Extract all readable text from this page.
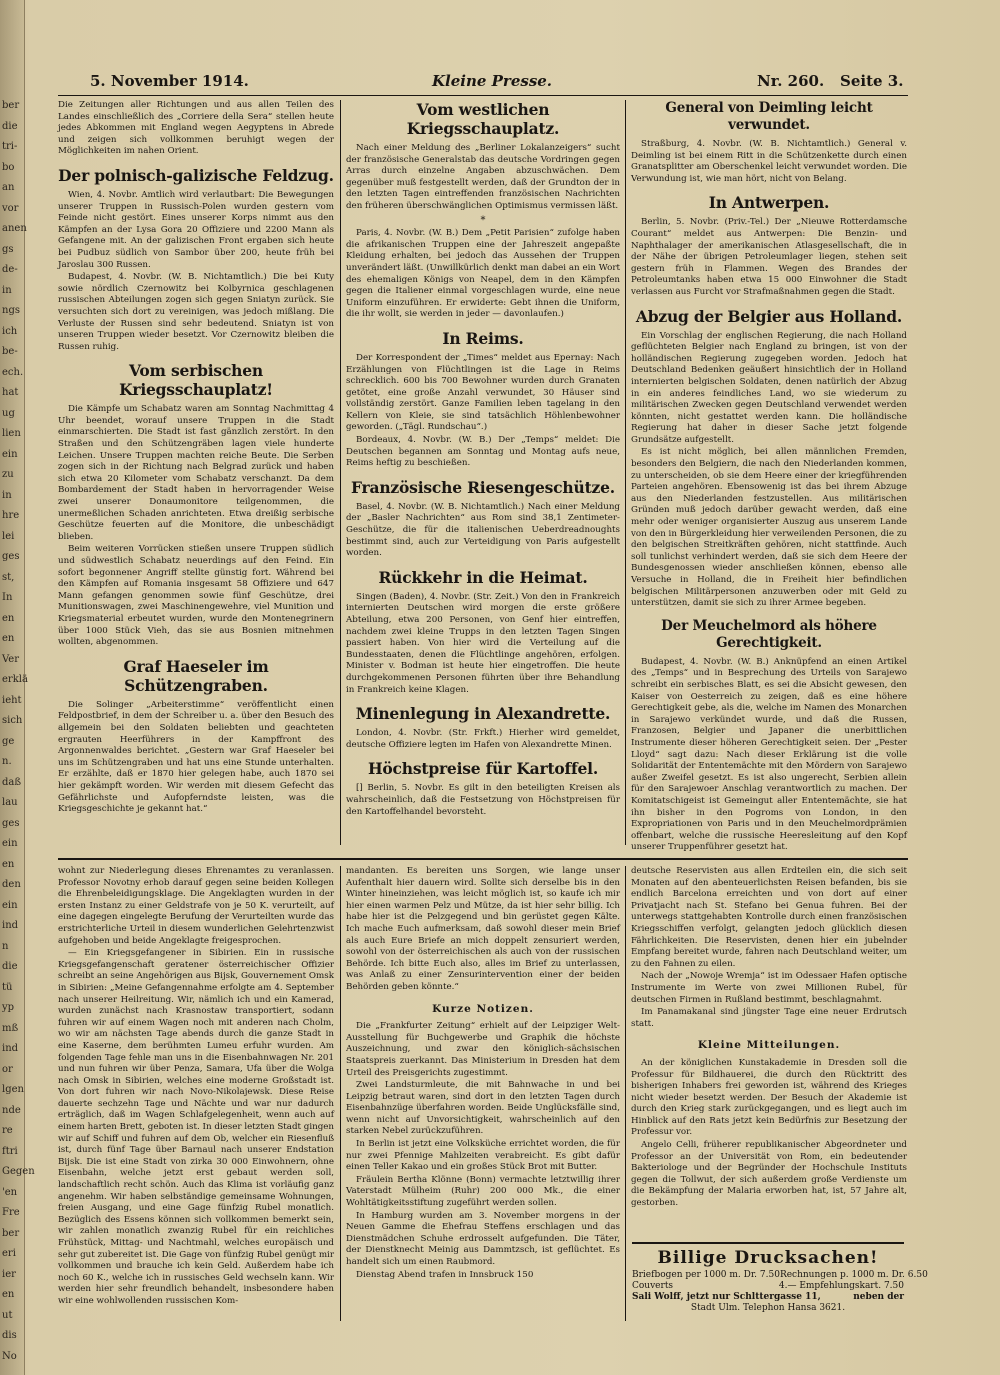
ber
die
tri-
bo
an
vor
anen
gs
de-
in
ngs
ich
be-
ech.
hat
ug
lien
ein
zu
in
hre
lei
ges
st,
In
en
en
Ver
erklä
ieht
sich
ge
n.
daß
lau
ges
ein
en
den
ein
ind
n
die
tü
yp
mß
ind
or
lgen
nde
re
ftri
Gegen
'en
Fre
ber
eri
ier
en
ut
dis
No
5. November 1914.	Kleine Presse.	Nr. 260. Seite 3.

Die Zeitungen aller Richtungen und aus allen Teilen des Landes einschließlich des „Corriere della Sera“ stellen heute jedes Abkommen mit England wegen Aegyptens in Abrede und zeigen sich vollkommen beruhigt wegen der Möglichkeiten im nahen Orient.

Der polnisch-galizische Feldzug.

Wien, 4. Novbr. Amtlich wird verlautbart: Die Bewegungen unserer Truppen in Russisch-Polen wurden gestern vom Feinde nicht gestört. Eines unserer Korps nimmt aus den Kämpfen an der Lysa Gora 20 Offiziere und 2200 Mann als Gefangene mit. An der galizischen Front ergaben sich heute bei Pudbuz südlich von Sambor über 200, heute früh bei Jaroslau 300 Russen.

Budapest, 4. Novbr. (W. B. Nichtamtlich.) Die bei Kuty sowie nördlich Czernowitz bei Kolbyrnica geschlagenen russischen Abteilungen zogen sich gegen Sniatyn zurück. Sie versuchten sich dort zu vereinigen, was jedoch mißlang. Die Verluste der Russen sind sehr bedeutend. Sniatyn ist von unseren Truppen wieder besetzt. Vor Czernowitz bleiben die Russen ruhig.

Vom serbischen Kriegsschauplatz!

Die Kämpfe um Schabatz waren am Sonntag Nachmittag 4 Uhr beendet, worauf unsere Truppen in die Stadt einmarschierten. Die Stadt ist fast gänzlich zerstört. In den Straßen und den Schützengräben lagen viele hunderte Leichen. Unsere Truppen machten reiche Beute. Die Serben zogen sich in der Richtung nach Belgrad zurück und haben sich etwa 20 Kilometer vom Schabatz verschanzt. Da dem Bombardement der Stadt haben in hervorragender Weise zwei unserer Donaumonitore teilgenommen, die unermeßlichen Schaden anrichteten. Etwa dreißig serbische Geschütze feuerten auf die Monitore, die unbeschädigt blieben.

Beim weiteren Vorrücken stießen unsere Truppen südlich und südwestlich Schabatz neuerdings auf den Feind. Ein sofort begonnener Angriff stellte günstig fort. Während bei den Kämpfen auf Romania insgesamt 58 Offiziere und 647 Mann gefangen genommen sowie fünf Geschütze, drei Munitionswagen, zwei Maschinengewehre, viel Munition und Kriegsmaterial erbeutet wurden, wurde den Montenegrinern über 1000 Stück Vieh, das sie aus Bosnien mitnehmen wollten, abgenommen.

Graf Haeseler im Schützengraben.

Die Solinger „Arbeiterstimme“ veröffentlicht einen Feldpostbrief, in dem der Schreiber u. a. über den Besuch des allgemein bei den Soldaten beliebten und geachteten ergrauten Heerführers in der Kampffront des Argonnenwaldes berichtet. „Gestern war Graf Haeseler bei uns im Schützengraben und hat uns eine Stunde unterhalten. Er erzählte, daß er 1870 hier gelegen habe, auch 1870 sei hier gekämpft worden. Wir werden mit diesem Gefecht das Gefährlichste und Aufopferndste leisten, was die Kriegsgeschichte je gekannt hat.“

Vom westlichen Kriegsschauplatz.

Nach einer Meldung des „Berliner Lokalanzeigers“ sucht der französische Generalstab das deutsche Vordringen gegen Arras durch einzelne Angaben abzuschwächen. Dem gegenüber muß festgestellt werden, daß der Grundton der in den letzten Tagen eintreffenden französischen Nachrichten den früheren überschwänglichen Optimismus vermissen läßt.

*

Paris, 4. Novbr. (W. B.) Dem „Petit Parisien“ zufolge haben die afrikanischen Truppen eine der Jahreszeit angepaßte Kleidung erhalten, bei jedoch das Aussehen der Truppen unverändert läßt. (Unwillkürlich denkt man dabei an ein Wort des ehemaligen Königs von Neapel, dem in den Kämpfen gegen die Italiener einmal vorgeschlagen wurde, eine neue Uniform einzuführen. Er erwiderte: Gebt ihnen die Uniform, die ihr wollt, sie werden in jeder — davonlaufen.)

In Reims.

Der Korrespondent der „Times“ meldet aus Epernay: Nach Erzählungen von Flüchtlingen ist die Lage in Reims schrecklich. 600 bis 700 Bewohner wurden durch Granaten getötet, eine große Anzahl verwundet, 30 Häuser sind vollständig zerstört. Ganze Familien leben tagelang in den Kellern von Kleie, sie sind tatsächlich Höhlenbewohner geworden. („Tägl. Rundschau“.)

Bordeaux, 4. Novbr. (W. B.) Der „Temps“ meldet: Die Deutschen begannen am Sonntag und Montag aufs neue, Reims heftig zu beschießen.

Französische Riesengeschütze.

Basel, 4. Novbr. (W. B. Nichtamtlich.) Nach einer Meldung der „Basler Nachrichten“ aus Rom sind 38,1 Zentimeter-Geschütze, die für die italienischen Ueberdreadnoughts bestimmt sind, auch zur Verteidigung von Paris aufgestellt worden.

Rückkehr in die Heimat.

Singen (Baden), 4. Novbr. (Str. Zeit.) Von den in Frankreich internierten Deutschen wird morgen die erste größere Abteilung, etwa 200 Personen, von Genf hier eintreffen, nachdem zwei kleine Trupps in den letzten Tagen Singen passiert haben. Von hier wird die Verteilung auf die Bundesstaaten, denen die Flüchtlinge angehören, erfolgen. Minister v. Bodman ist heute hier eingetroffen. Die heute durchgekommenen Personen führten über ihre Behandlung in Frankreich keine Klagen.

Minenlegung in Alexandrette.

London, 4. Novbr. (Str. Frkft.) Hierher wird gemeldet, deutsche Offiziere legten im Hafen von Alexandrette Minen.

Höchstpreise für Kartoffel.

[] Berlin, 5. Novbr. Es gilt in den beteiligten Kreisen als wahrscheinlich, daß die Festsetzung von Höchstpreisen für den Kartoffelhandel bevorsteht.

General von Deimling leicht verwundet.

Straßburg, 4. Novbr. (W. B. Nichtamtlich.) General v. Deimling ist bei einem Ritt in die Schützenkette durch einen Granatsplitter am Oberschenkel leicht verwundet worden. Die Verwundung ist, wie man hört, nicht von Belang.

In Antwerpen.

Berlin, 5. Novbr. (Priv.-Tel.) Der „Nieuwe Rotterdamsche Courant“ meldet aus Antwerpen: Die Benzin- und Naphthalager der amerikanischen Atlasgesellschaft, die in der Nähe der übrigen Petroleumlager liegen, stehen seit gestern früh in Flammen. Wegen des Brandes der Petroleumtanks haben etwa 15 000 Einwohner die Stadt verlassen aus Furcht vor Strafmaßnahmen gegen die Stadt.

Abzug der Belgier aus Holland.

Ein Vorschlag der englischen Regierung, die nach Holland geflüchteten Belgier nach England zu bringen, ist von der holländischen Regierung zugegeben worden. Jedoch hat Deutschland Bedenken geäußert hinsichtlich der in Holland internierten belgischen Soldaten, denen natürlich der Abzug in ein anderes feindliches Land, wo sie wiederum zu militärischen Zwecken gegen Deutschland verwendet werden könnten, nicht gestattet werden kann. Die holländische Regierung hat daher in dieser Sache jetzt folgende Grundsätze aufgestellt.

Es ist nicht möglich, bei allen männlichen Fremden, besonders den Belgiern, die nach den Niederlanden kommen, zu unterscheiden, ob sie dem Heere einer der kriegführenden Parteien angehören. Ebensowenig ist das bei ihrem Abzuge aus den Niederlanden festzustellen. Aus militärischen Gründen muß jedoch darüber gewacht werden, daß eine mehr oder weniger organisierter Auszug aus unserem Lande von den in Bürgerkleidung hier verweilenden Personen, die zu den belgischen Streitkräften gehören, nicht stattfinde. Auch soll tunlichst verhindert werden, daß sie sich dem Heere der Bundesgenossen wieder anschließen können, ebenso alle Versuche in Holland, die in Freiheit hier befindlichen belgischen Militärpersonen anzuwerben oder mit Geld zu unterstützen, damit sie sich zu ihrer Armee begeben.

Der Meuchelmord als höhere Gerechtigkeit.

Budapest, 4. Novbr. (W. B.) Anknüpfend an einen Artikel des „Temps“ und in Besprechung des Urteils von Sarajewo schreibt ein serbisches Blatt, es sei die Absicht gewesen, den Kaiser von Oesterreich zu zeigen, daß es eine höhere Gerechtigkeit gebe, als die, welche im Namen des Monarchen in Sarajewo verkündet wurde, und daß die Russen, Franzosen, Belgier und Japaner die unerbittlichen Instrumente dieser höheren Gerechtigkeit seien. Der „Pester Lloyd“ sagt dazu: Nach dieser Erklärung ist die volle Solidarität der Ententemächte mit den Mördern von Sarajewo außer Zweifel gesetzt. Es ist also ungerecht, Serbien allein für den Sarajewoer Anschlag verantwortlich zu machen. Der Komitatschigeist ist Gemeingut aller Ententemächte, sie hat ihn bisher in den Pogroms von London, in den Expropriationen von Paris und in den Meuchelmordprämien offenbart, welche die russische Heeresleitung auf den Kopf unserer Truppenführer gesetzt hat.

wohnt zur Niederlegung dieses Ehrenamtes zu veranlassen. Professor Novotny erhob darauf gegen seine beiden Kollegen die Ehrenbeleidigungsklage. Die Angeklagten wurden in der ersten Instanz zu einer Geldstrafe von je 50 K. verurteilt, auf eine dagegen eingelegte Berufung der Verurteilten wurde das erstrichterliche Urteil in diesem wunderlichen Gelehrtenzwist aufgehoben und beide Angeklagte freigesprochen.

— Ein Kriegsgefangener in Sibirien. Ein in russische Kriegsgefangenschaft geratener österreichischer Offizier schreibt an seine Angehörigen aus Bijsk, Gouvernement Omsk in Sibirien: „Meine Gefangennahme erfolgte am 4. September nach unserer Heilreitung. Wir, nämlich ich und ein Kamerad, wurden zunächst nach Krasnostaw transportiert, sodann fuhren wir auf einem Wagen noch mit anderen nach Cholm, wo wir am nächsten Tage abends durch die ganze Stadt in eine Kaserne, dem berühmten Lumeu erfuhr wurden. Am folgenden Tage fehle man uns in die Eisenbahnwagen Nr. 201 und nun fuhren wir über Penza, Samara, Ufa über die Wolga nach Omsk in Sibirien, welches eine moderne Großstadt ist. Von dort fuhren wir nach Novo-Nikolajewsk. Diese Reise dauerte sechzehn Tage und Nächte und war nur dadurch erträglich, daß im Wagen Schlafgelegenheit, wenn auch auf einem harten Brett, geboten ist. In dieser letzten Stadt gingen wir auf Schiff und fuhren auf dem Ob, welcher ein Riesenfluß ist, durch fünf Tage über Barnaul nach unserer Endstation Bijsk. Die ist eine Stadt von zirka 30 000 Einwohnern, ohne Eisenbahn, welche jetzt erst gebaut werden soll, landschaftlich recht schön. Auch das Klima ist vorläufig ganz angenehm. Wir haben selbständige gemeinsame Wohnungen, freien Ausgang, und eine Gage fünfzig Rubel monatlich. Bezüglich des Essens können sich vollkommen bemerkt sein, wir zahlen monatlich zwanzig Rubel für ein reichliches Frühstück, Mittag- und Nachtmahl, welches europäisch und sehr gut zubereitet ist. Die Gage von fünfzig Rubel genügt mir vollkommen und brauche ich kein Geld. Außerdem habe ich noch 60 K., welche ich in russisches Geld wechseln kann. Wir werden hier sehr freundlich behandelt, insbesondere haben wir eine wohlwollenden russischen Kom-

mandanten. Es bereiten uns Sorgen, wie lange unser Aufenthalt hier dauern wird. Sollte sich derselbe bis in den Winter hineinziehen, was leicht möglich ist, so kaufe ich mir hier einen warmen Pelz und Mütze, da ist hier sehr billig. Ich habe hier ist die Pelzgegend und bin gerüstet gegen Kälte. Ich mache Euch aufmerksam, daß sowohl dieser mein Brief als auch Eure Briefe an mich doppelt zensuriert werden, sowohl von der österreichischen als auch von der russischen Behörde. Ich bitte Euch also, alles im Brief zu unterlassen, was Anlaß zu einer Zensurintervention einer der beiden Behörden geben könnte.“

Kurze Notizen.

Die „Frankfurter Zeitung“ erhielt auf der Leipziger Welt-Ausstellung für Buchgewerbe und Graphik die höchste Auszeichnung, und zwar den königlich-sächsischen Staatspreis zuerkannt. Das Ministerium in Dresden hat dem Urteil des Preisgerichts zugestimmt.

Zwei Landsturmleute, die mit Bahnwache in und bei Leipzig betraut waren, sind dort in den letzten Tagen durch Eisenbahnzüge überfahren worden. Beide Unglücksfälle sind, wenn nicht auf Unvorsichtigkeit, wahrscheinlich auf den starken Nebel zurückzuführen.

In Berlin ist jetzt eine Volksküche errichtet worden, die für nur zwei Pfennige Mahlzeiten verabreicht. Es gibt dafür einen Teller Kakao und ein großes Stück Brot mit Butter.

Fräulein Bertha Klönne (Bonn) vermachte letztwillig ihrer Vaterstadt Mülheim (Ruhr) 200 000 Mk., die einer Wohltätigkeitsstiftung zugeführt werden sollen.

In Hamburg wurden am 3. November morgens in der Neuen Gamme die Ehefrau Steffens erschlagen und das Dienstmädchen Schuhe erdrosselt aufgefunden. Die Täter, der Dienstknecht Meinig aus Dammtzsch, ist geflüchtet. Es handelt sich um einen Raubmord.

Dienstag Abend trafen in Innsbruck 150

deutsche Reservisten aus allen Erdteilen ein, die sich seit Monaten auf den abenteuerlichsten Reisen befanden, bis sie endlich Barcelona erreichten und von dort auf einer Privatjacht nach St. Stefano bei Genua fuhren. Bei der unterwegs stattgehabten Kontrolle durch einen französischen Kriegsschiffen verfolgt, gelangten jedoch glücklich diesen Fährlichkeiten. Die Reservisten, denen hier ein jubelnder Empfang bereitet wurde, fahren nach Deutschland weiter, um zu den Fahnen zu eilen.

Nach der „Nowoje Wremja“ ist im Odessaer Hafen optische Instrumente im Werte von zwei Millionen Rubel, für deutschen Firmen in Rußland bestimmt, beschlagnahmt.

Im Panamakanal sind jüngster Tage eine neuer Erdrutsch statt.

Kleine Mitteilungen.

An der königlichen Kunstakademie in Dresden soll die Professur für Bildhauerei, die durch den Rücktritt des bisherigen Inhabers frei geworden ist, während des Krieges nicht wieder besetzt werden. Der Besuch der Akademie ist durch den Krieg stark zurückgegangen, und es liegt auch im Hinblick auf den Rats jetzt kein Bedürfnis zur Besetzung der Professur vor.

Angelo Celli, früherer republikanischer Abgeordneter und Professor an der Universität von Rom, ein bedeutender Bakteriologe und der Begründer der Hochschule Instituts gegen die Tollwut, der sich außerdem große Verdienste um die Bekämpfung der Malaria erworben hat, ist, 57 Jahre alt, gestorben.

Billige Drucksachen!
Briefbogen per 1000 m. Dr. 7.50 Rechnungen p. 1000 m. Dr. 6.50
Couverts	4.— Empfehlungskart. 7.50
Sali Wolff, jetzt nur Schlttergasse 11,	neben der
Stadt Ulm. Telephon Hansa 3621.
